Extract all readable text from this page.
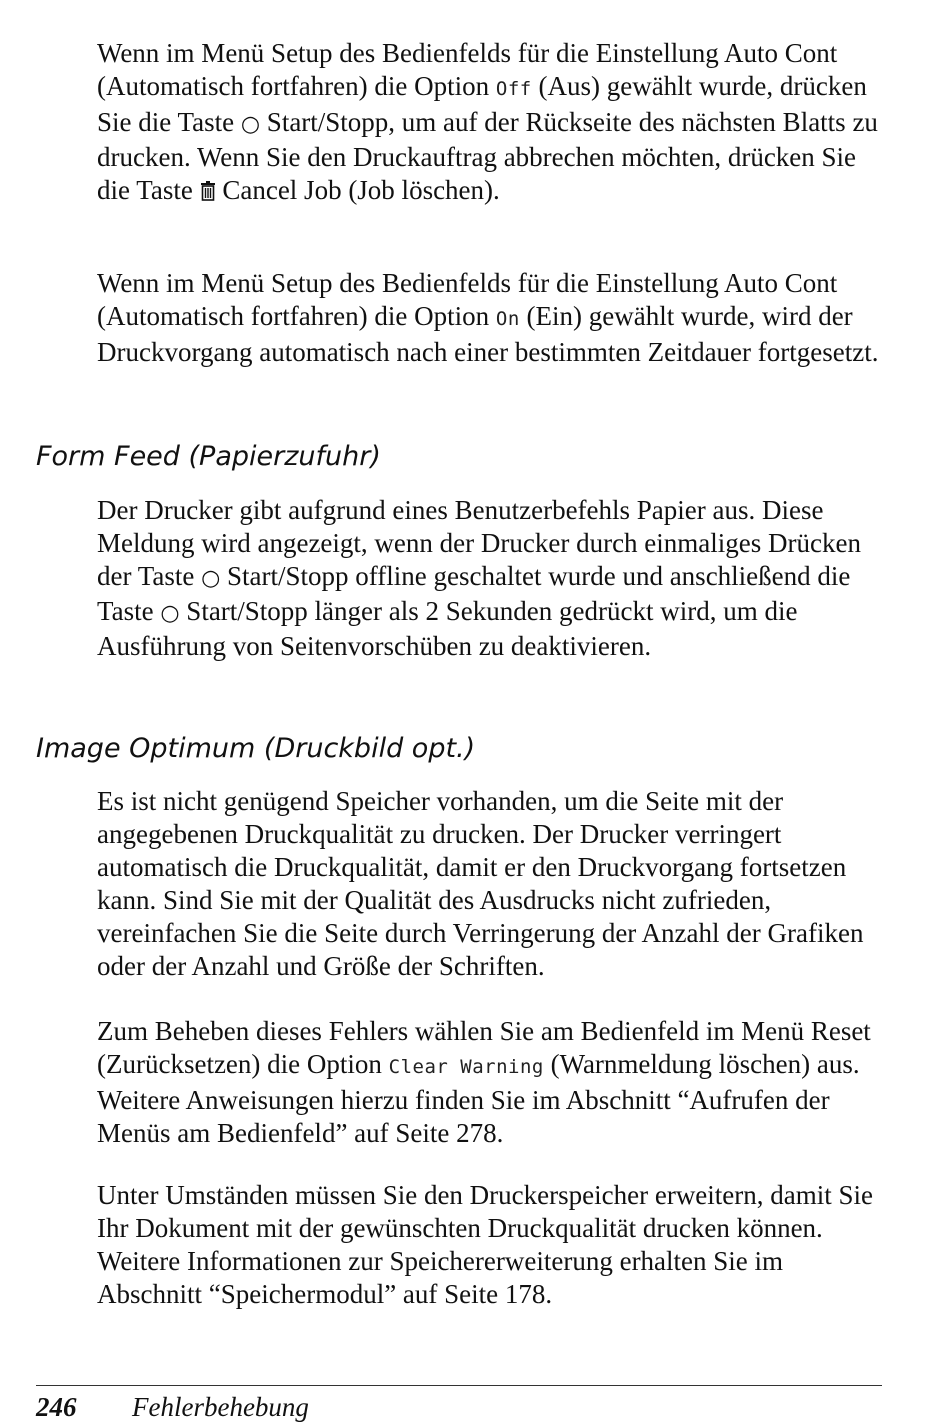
Wenn im Menü Setup des Bedienfelds für die Einstellung Auto Cont (Automatisch fortfahren) die Option Off (Aus) gewählt wurde, drücken Sie die Taste ○ Start/Stopp, um auf der Rückseite des nächsten Blatts zu drucken. Wenn Sie den Druckauftrag abbrechen möchten, drücken Sie die Taste  Cancel Job (Job löschen).

Wenn im Menü Setup des Bedienfelds für die Einstellung Auto Cont (Automatisch fortfahren) die Option On (Ein) gewählt wurde, wird der Druckvorgang automatisch nach einer bestimmten Zeitdauer fortgesetzt.

Form Feed (Papierzufuhr)

Der Drucker gibt aufgrund eines Benutzerbefehls Papier aus. Diese Meldung wird angezeigt, wenn der Drucker durch einmaliges Drücken der Taste ○ Start/Stopp offline geschaltet wurde und anschließend die Taste ○ Start/Stopp länger als 2 Sekunden gedrückt wird, um die Ausführung von Seitenvorschüben zu deaktivieren.

Image Optimum (Druckbild opt.)

Es ist nicht genügend Speicher vorhanden, um die Seite mit der angegebenen Druckqualität zu drucken. Der Drucker verringert automatisch die Druckqualität, damit er den Druckvorgang fortsetzen kann. Sind Sie mit der Qualität des Ausdrucks nicht zufrieden, vereinfachen Sie die Seite durch Verringerung der Anzahl der Grafiken oder der Anzahl und Größe der Schriften.

Zum Beheben dieses Fehlers wählen Sie am Bedienfeld im Menü Reset (Zurücksetzen) die Option Clear Warning (Warnmeldung löschen) aus. Weitere Anweisungen hierzu finden Sie im Abschnitt “Aufrufen der Menüs am Bedienfeld” auf Seite 278.

Unter Umständen müssen Sie den Druckerspeicher erweitern, damit Sie Ihr Dokument mit der gewünschten Druckqualität drucken können. Weitere Informationen zur Speichererweiterung erhalten Sie im Abschnitt “Speichermodul” auf Seite 178.

246 Fehlerbehebung
